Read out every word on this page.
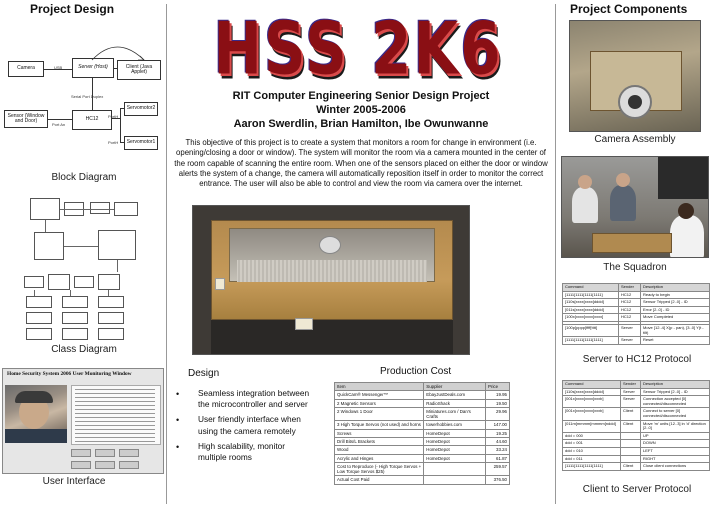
Project Design
Camera	USB	Server (Host)	Client (Java Applet)
Serial Port Duplex
Sensor (Window and Door)
Port An
HC12 PortH
PortH
Servomotor2
Servomotor1
Block Diagram
Class Diagram
Home Security System 2006 User Monitoring Window
User Interface
HSS 2K6
RIT Computer Engineering Senior Design Project
Winter 2005-2006
Aaron Swerdlin, Brian Hamilton, Ibe Owunwanne
This objective of this project is to create a system that monitors a room for change in environment (i.e. opening/closing a door or window). The system will monitor the room via a camera mounted in the center of the room capable of scanning the entire room. When one of the sensors placed on either the door or window alerts the system of a change, the camera will automatically reposition itself in order to monitor the correct entrance. The user will also be able to control and view the room via camera over the internet.
Design
• Seamless integration between the microcontroller and server
• User friendly interface when using the camera remotely
• High scalability, monitor multiple rooms
Production Cost
Item	Supplier	Price
QuickCam® Messenger™	EbayJustDeals.com	19.95
2 Magnetic Sensors	RadioShack	19.50
2 Windows 1 Door	Miniatures.com / Dan's Crafts	29.96
3 High Torque Servos (not used) and horns	towerhobbies.com	147.00
Screws	HomeDepot	19.25
Drill Bits/L Brackets	HomeDepot	44.60
Wood	HomeDepot	33.24
Acrylic and Hinges	HomeDepot	61.87
Cost to Reproduce (- High Torque Servos + Low Torque Servos $25)		259.57
Actual Cost Paid		376.50
Project Components
Camera Assembly
The Squadron
Command	Sender	Description
[1111[1111[1111[1111]	HC12	Ready to begin
[110s[xxxx[xxxx[dddd]	HC12	Sensor Tripped [2..0] - ID
[011s[xxxx[xxxx[dddd]	HC12	Error [2..0] - ID
[100x[xxxx[xxxx[xxxx]	HC12	Move Completed

[100p[pppp[ffff[tttt]	Server	Move [12..4] X(p - pan), [3..0] Y(t - tilt)
[1111[1111[1111[1111]	Server	Reset
Server to HC12 Protocol
Command	Sender	Description
[110s[xxxx[xxxx[dddd]	Server	Sensor Tripped [2..0] - ID
[001x[xxxx[xxxx[xxxb]	Server	Connection accepted [0] connected/disconnected
[001x[xxxx[xxxx[xxxb]	Client	Connect to server [0] connected/disconnected
[011m[mmmm[mmmm[nddd]	Client	Move 'm' units [12..3] in 'd' direction [2..0]
ddd = 000		UP
ddd = 001		DOWN
ddd = 010		LEFT
ddd = 011		RIGHT
[1111[1111[1111[1111]	Client	Close client connections
Client to Server Protocol
